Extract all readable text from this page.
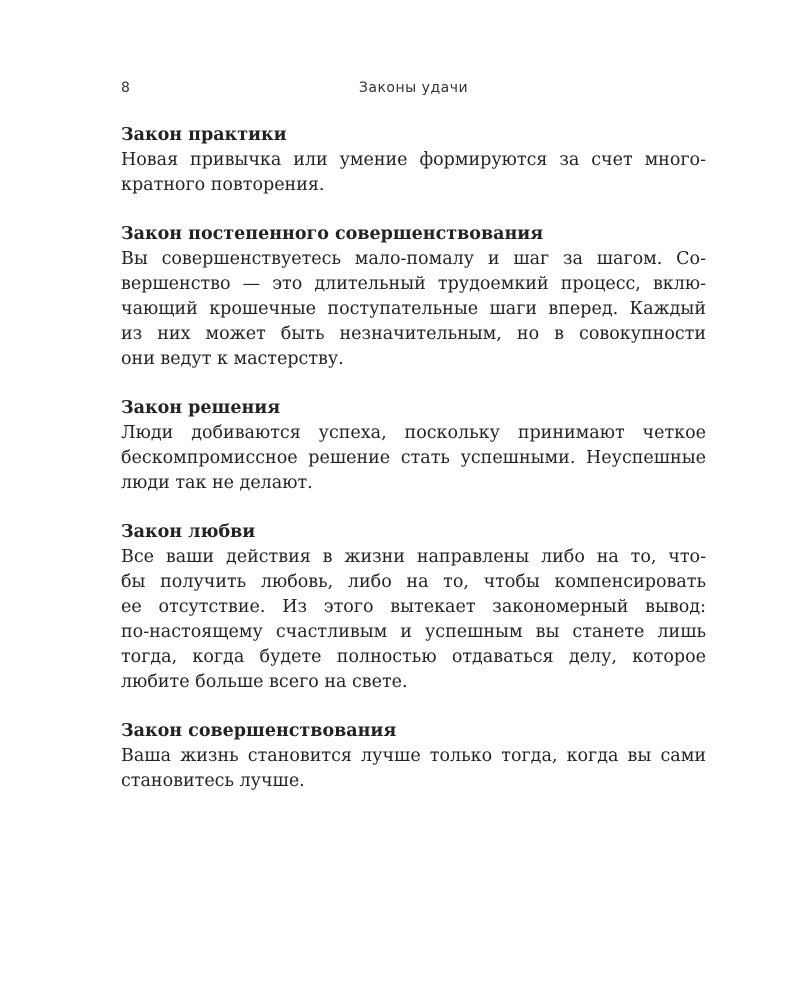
8	Законы удачи

Закон практики

Новая привычка или умение формируются за счет много-

кратного повторения.

Закон постепенного совершенствования

Вы совершенствуетесь мало-помалу и шаг за шагом. Со-

вершенство — это длительный трудоемкий процесс, вклю-

чающий крошечные поступательные шаги вперед. Каждый

из них может быть незначительным, но в совокупности

они ведут к мастерству.

Закон решения

Люди добиваются успеха, поскольку принимают четкое

бескомпромиссное решение стать успешными. Неуспешные

люди так не делают.

Закон любви

Все ваши действия в жизни направлены либо на то, что-

бы получить любовь, либо на то, чтобы компенсировать

ее отсутствие. Из этого вытекает закономерный вывод:

по-настоящему счастливым и успешным вы станете лишь

тогда, когда будете полностью отдаваться делу, которое

любите больше всего на свете.

Закон совершенствования

Ваша жизнь становится лучше только тогда, когда вы сами

становитесь лучше.
